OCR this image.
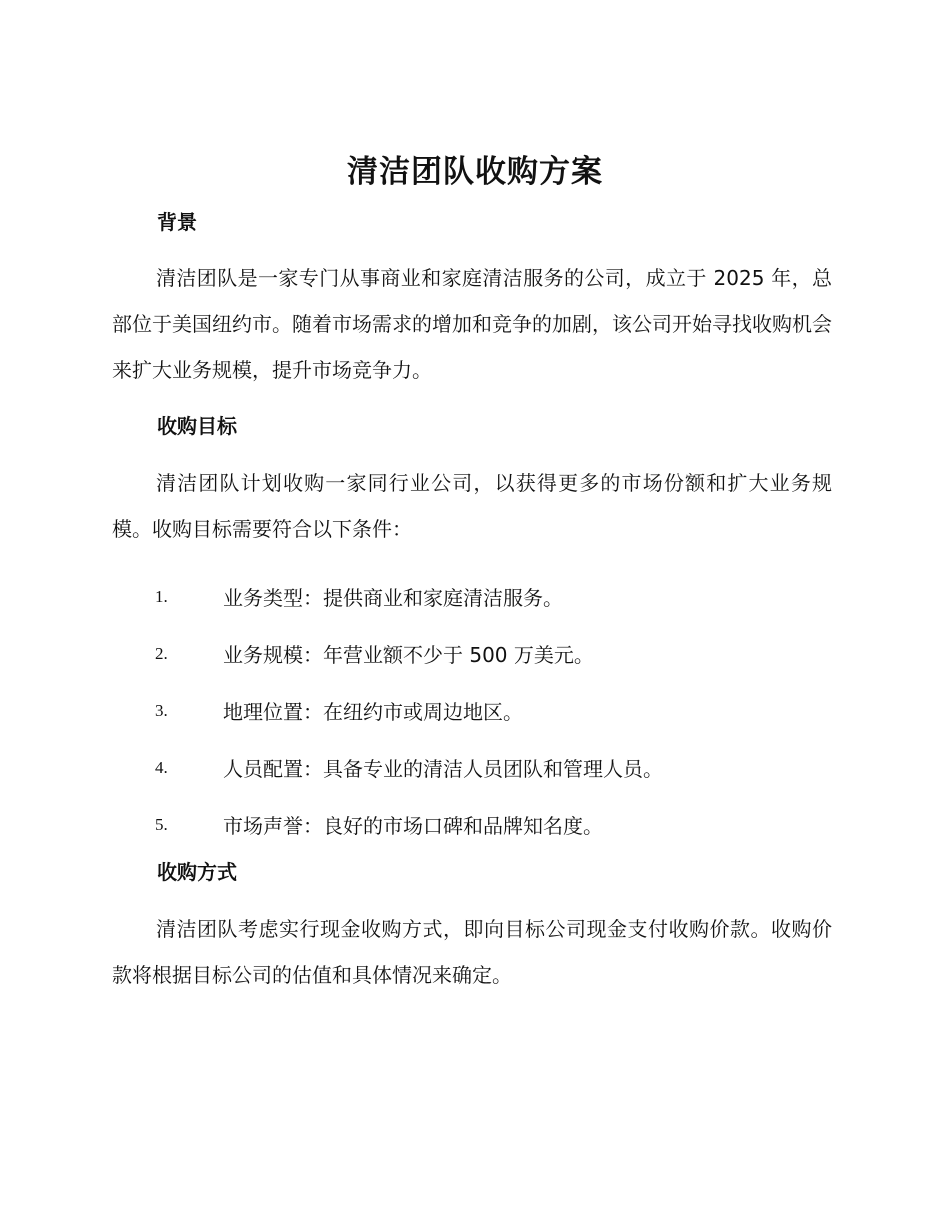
清洁团队收购方案
背景
清洁团队是一家专门从事商业和家庭清洁服务的公司，成立于 2025 年，总部位于美国纽约市。随着市场需求的增加和竞争的加剧，该公司开始寻找收购机会来扩大业务规模，提升市场竞争力。
收购目标
清洁团队计划收购一家同行业公司，以获得更多的市场份额和扩大业务规模。收购目标需要符合以下条件：
1.	业务类型： 提供商业和家庭清洁服务。
2.	业务规模： 年营业额不少于 500 万美元。
3.	地理位置： 在纽约市或周边地区。
4.	人员配置： 具备专业的清洁人员团队和管理人员。
5.	市场声誉： 良好的市场口碑和品牌知名度。
收购方式
清洁团队考虑实行现金收购方式，即向目标公司现金支付收购价款。收购价款将根据目标公司的估值和具体情况来确定。
